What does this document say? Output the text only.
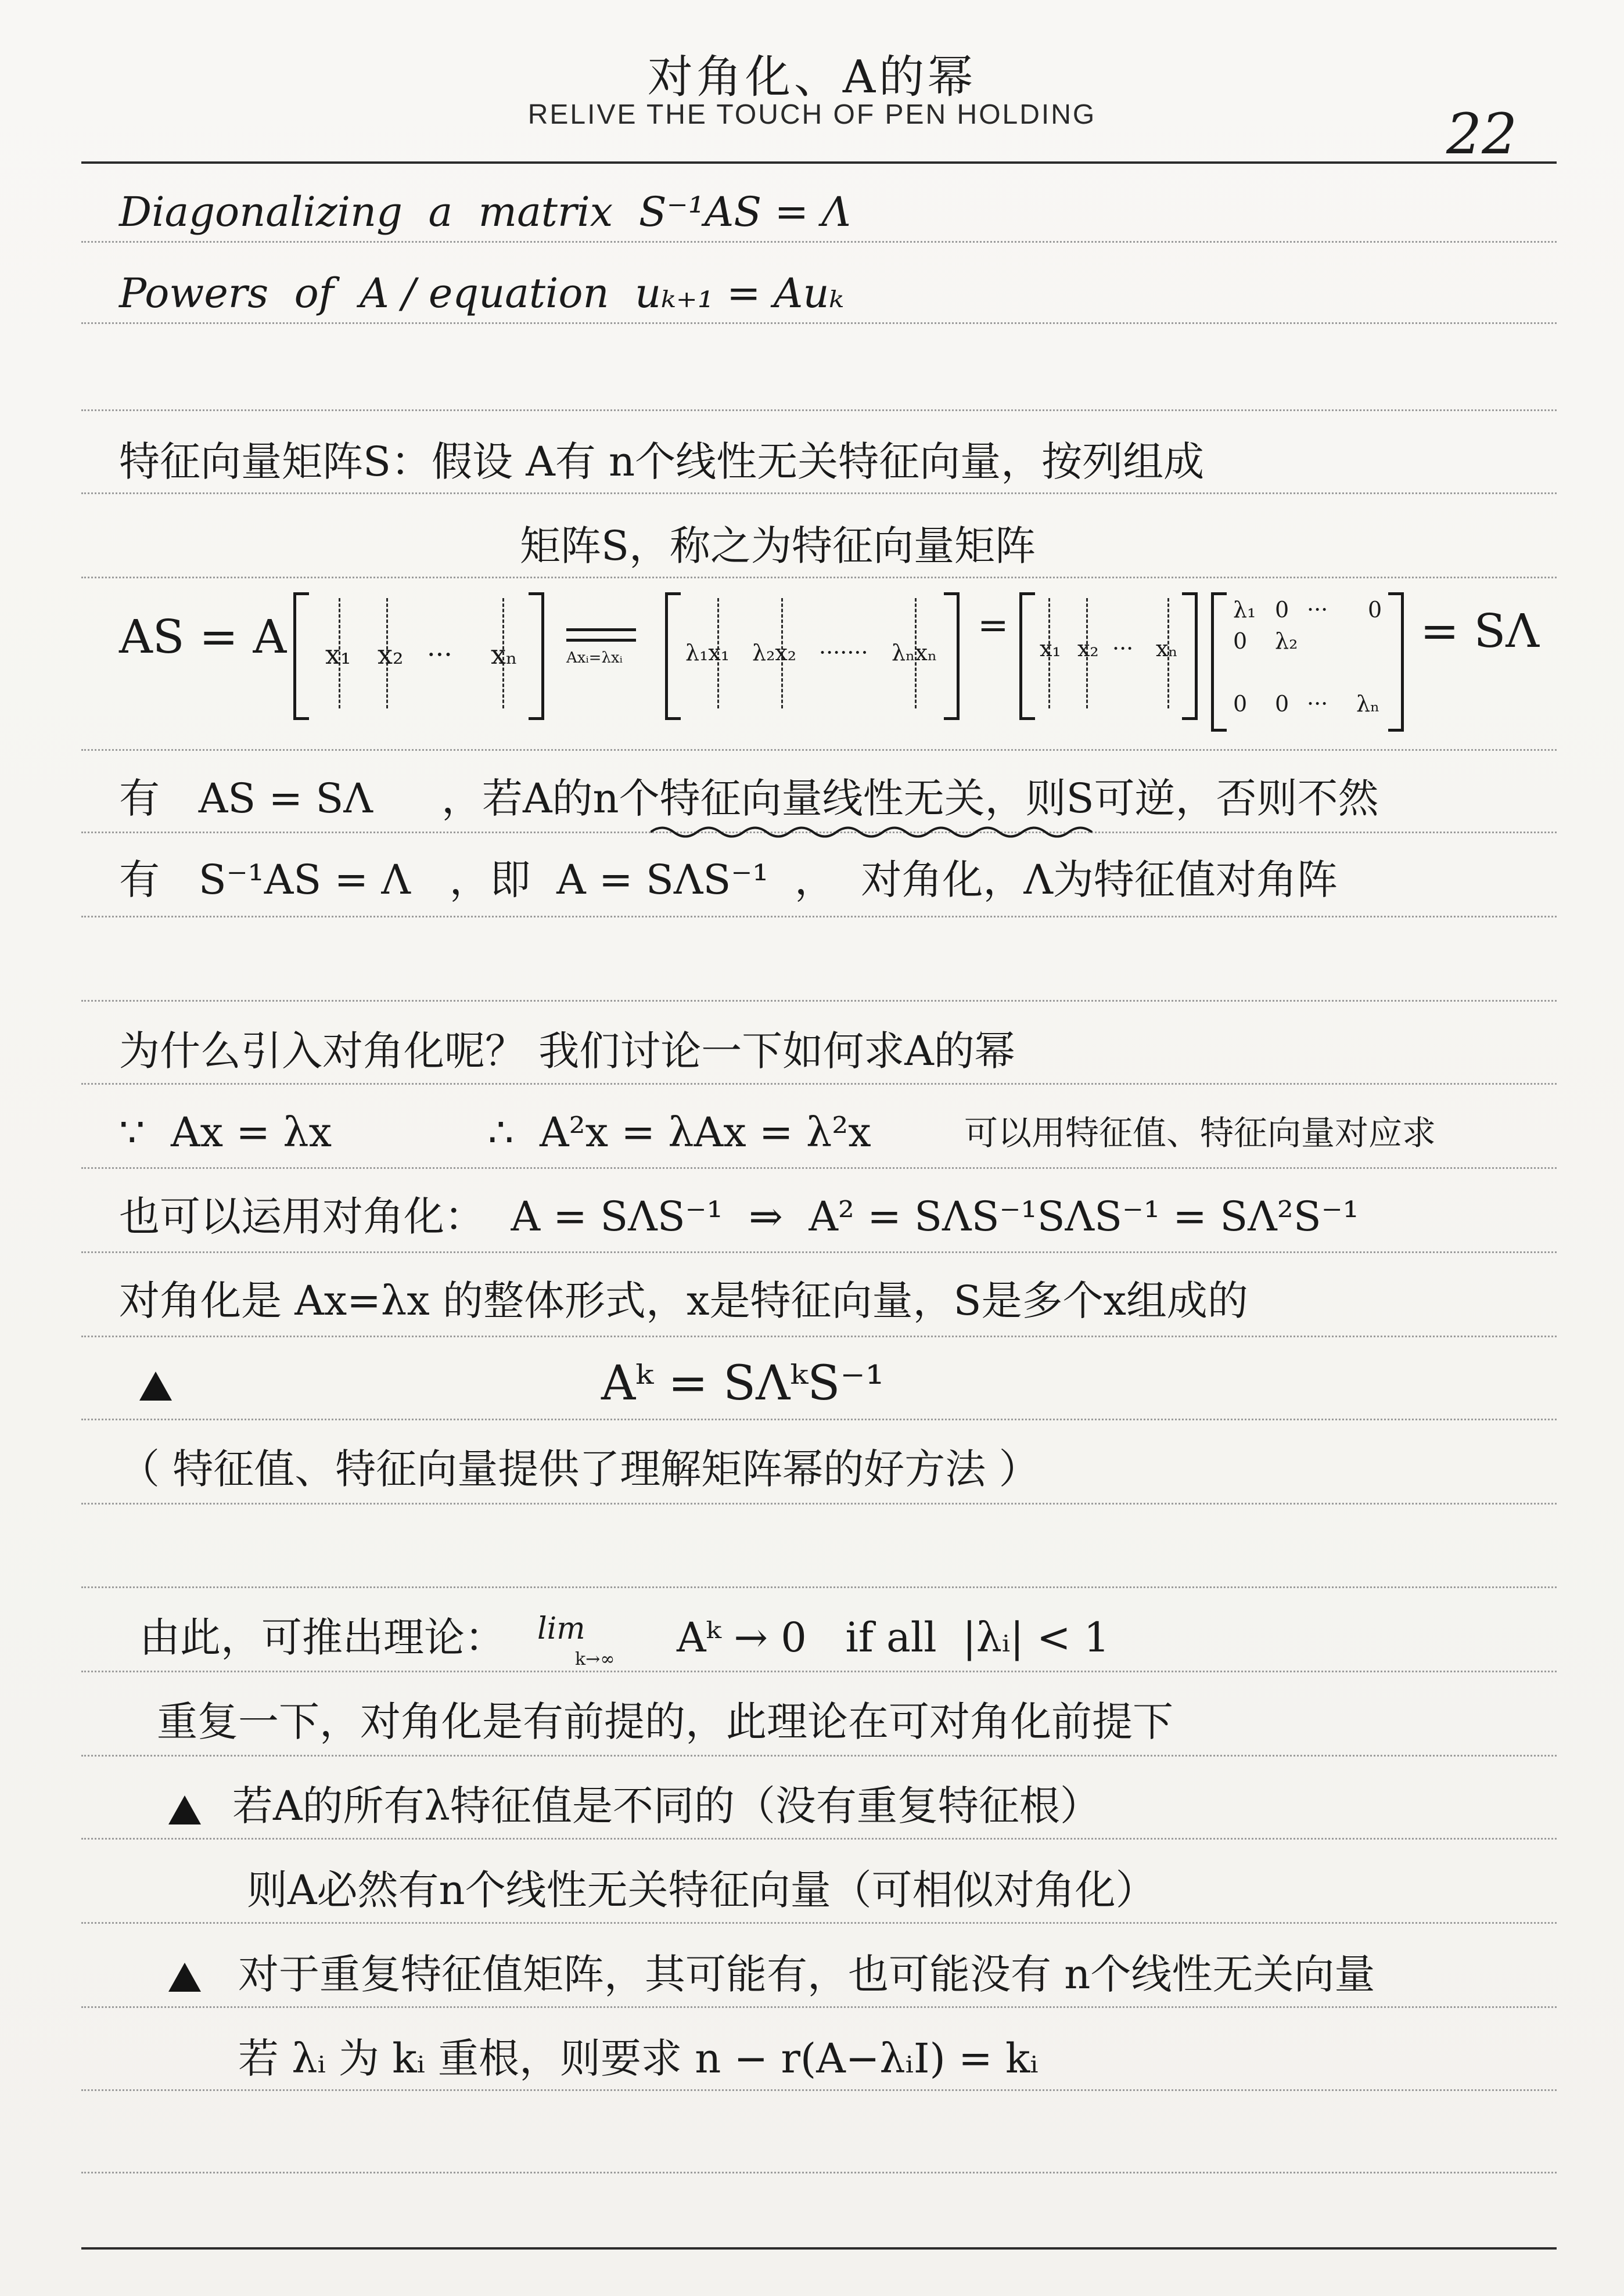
对角化、A的幂
RELIVE THE TOUCH OF PEN HOLDING	22
Diagonalizing  a  matrix  S⁻¹AS = Λ
Powers  of  A / equation  uₖ₊₁ = Auₖ
特征向量矩阵S：假设 A有 n个线性无关特征向量，按列组成
矩阵S，称之为特征向量矩阵
AS = A x₁ x₂ ··· xₙ	Axᵢ=λxᵢ	λ₁x₁ λ₂x₂ ······· λₙxₙ
=
x₁ x₂ ··· xₙ
λ₁ 0 ··· 0
0 λ₂
0 0 ··· λₙ
= SΛ
有   AS = SΛ ，若A的n个特征向量线性无关，则S可逆，否则不然
有   S⁻¹AS = Λ   ，即  A = SΛS⁻¹  ，  对角化，Λ为特征值对角阵
为什么引入对角化呢？ 我们讨论一下如何求A的幂
∵  Ax = λx	∴  A²x = λAx = λ²x	可以用特征值、特征向量对应求
也可以运用对角化：  A = SΛS⁻¹  ⇒  A² = SΛS⁻¹SΛS⁻¹ = SΛ²S⁻¹
对角化是 Ax=λx 的整体形式，x是特征向量，S是多个x组成的
Aᵏ = SΛᵏS⁻¹
（ 特征值、特征向量提供了理解矩阵幂的好方法 ）
由此，可推出理论： lim
k→∞ Aᵏ → 0   if all  |λᵢ| < 1
重复一下，对角化是有前提的，此理论在可对角化前提下
若A的所有λ特征值是不同的（没有重复特征根）
则A必然有n个线性无关特征向量（可相似对角化）
对于重复特征值矩阵，其可能有，也可能没有 n个线性无关向量
若 λᵢ 为 kᵢ 重根，则要求 n − r(A−λᵢI) = kᵢ
